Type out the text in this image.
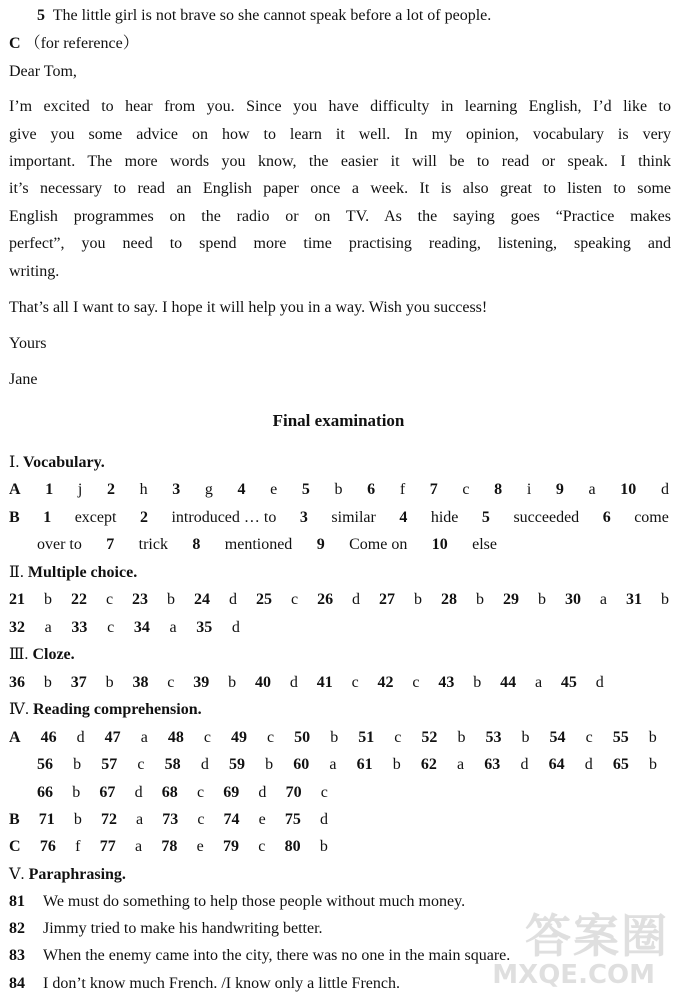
5 The little girl is not brave so she cannot speak before a lot of people.
C （for reference）
Dear Tom,
I’m excited to hear from you. Since you have difficulty in learning English, I’d like to
give you some advice on how to learn it well. In my opinion, vocabulary is very
important. The more words you know, the easier it will be to read or speak. I think
it’s necessary to read an English paper once a week. It is also great to listen to some
English programmes on the radio or on TV. As the saying goes “Practice makes
perfect”, you need to spend more time practising reading, listening, speaking and
writing.
That’s all I want to say. I hope it will help you in a way. Wish you success!
Yours
Jane
Final examination
Ⅰ. Vocabulary.
A 1 j 2 h 3 g 4 e 5 b 6 f 7 c 8 i 9 a 10 d
B 1 except 2 introduced … to 3 similar 4 hide 5 succeeded 6 come
over to 7 trick 8 mentioned 9 Come on 10 else
Ⅱ. Multiple choice.
21 b 22 c 23 b 24 d 25 c 26 d 27 b 28 b 29 b 30 a 31 b
32 a 33 c 34 a 35 d
Ⅲ. Cloze.
36 b 37 b 38 c 39 b 40 d 41 c 42 c 43 b 44 a 45 d
Ⅳ. Reading comprehension.
A 46 d 47 a 48 c 49 c 50 b 51 c 52 b 53 b 54 c 55 b
56 b 57 c 58 d 59 b 60 a 61 b 62 a 63 d 64 d 65 b
66 b 67 d 68 c 69 d 70 c
B 71 b 72 a 73 c 74 e 75 d
C 76 f 77 a 78 e 79 c 80 b
Ⅴ. Paraphrasing.
81 We must do something to help those people without much money.
82 Jimmy tried to make his handwriting better.
83 When the enemy came into the city, there was no one in the main square.
84 I don’t know much French. /I know only a little French.
答案圈
MXQE.COM
